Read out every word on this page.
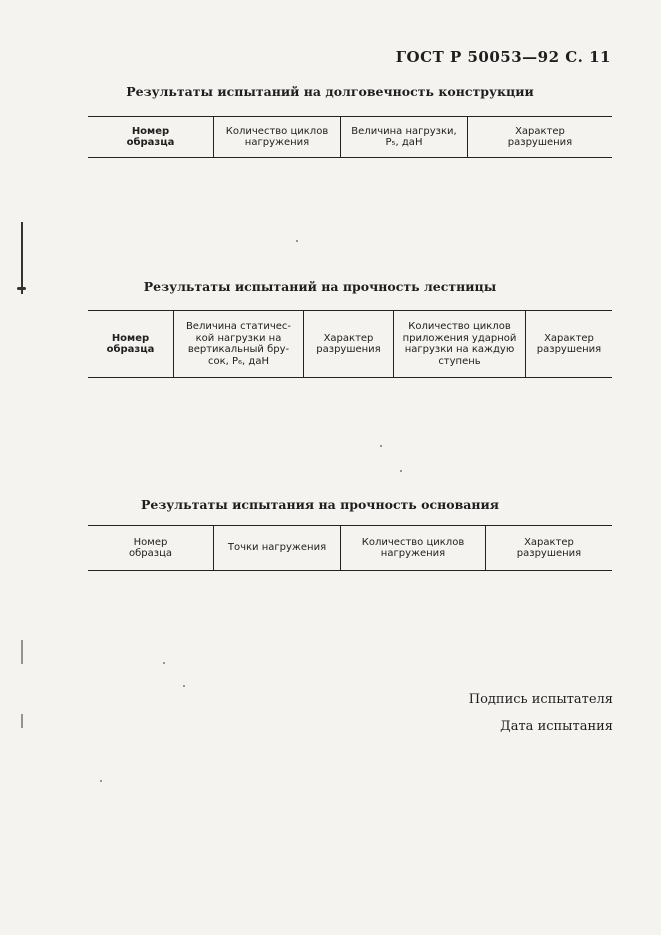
ГОСТ Р 50053—92 С. 11
Результаты испытаний на долговечность конструкции
Номер
образца
Количество циклов
нагружения
Величина нагрузки,
P₅, даН
Характер
разрушения
Результаты испытаний на прочность лестницы
Номер
образца
Величина статичес-
кой нагрузки на
вертикальный бру-
сок, P₆, даН
Характер
разрушения
Количество циклов
приложения ударной
нагрузки на каждую
ступень
Характер
разрушения
Результаты испытания на прочность основания
Номер
образца
Точки нагружения
Количество циклов
нагружения
Характер
разрушения
Подпись испытателя
Дата испытания
